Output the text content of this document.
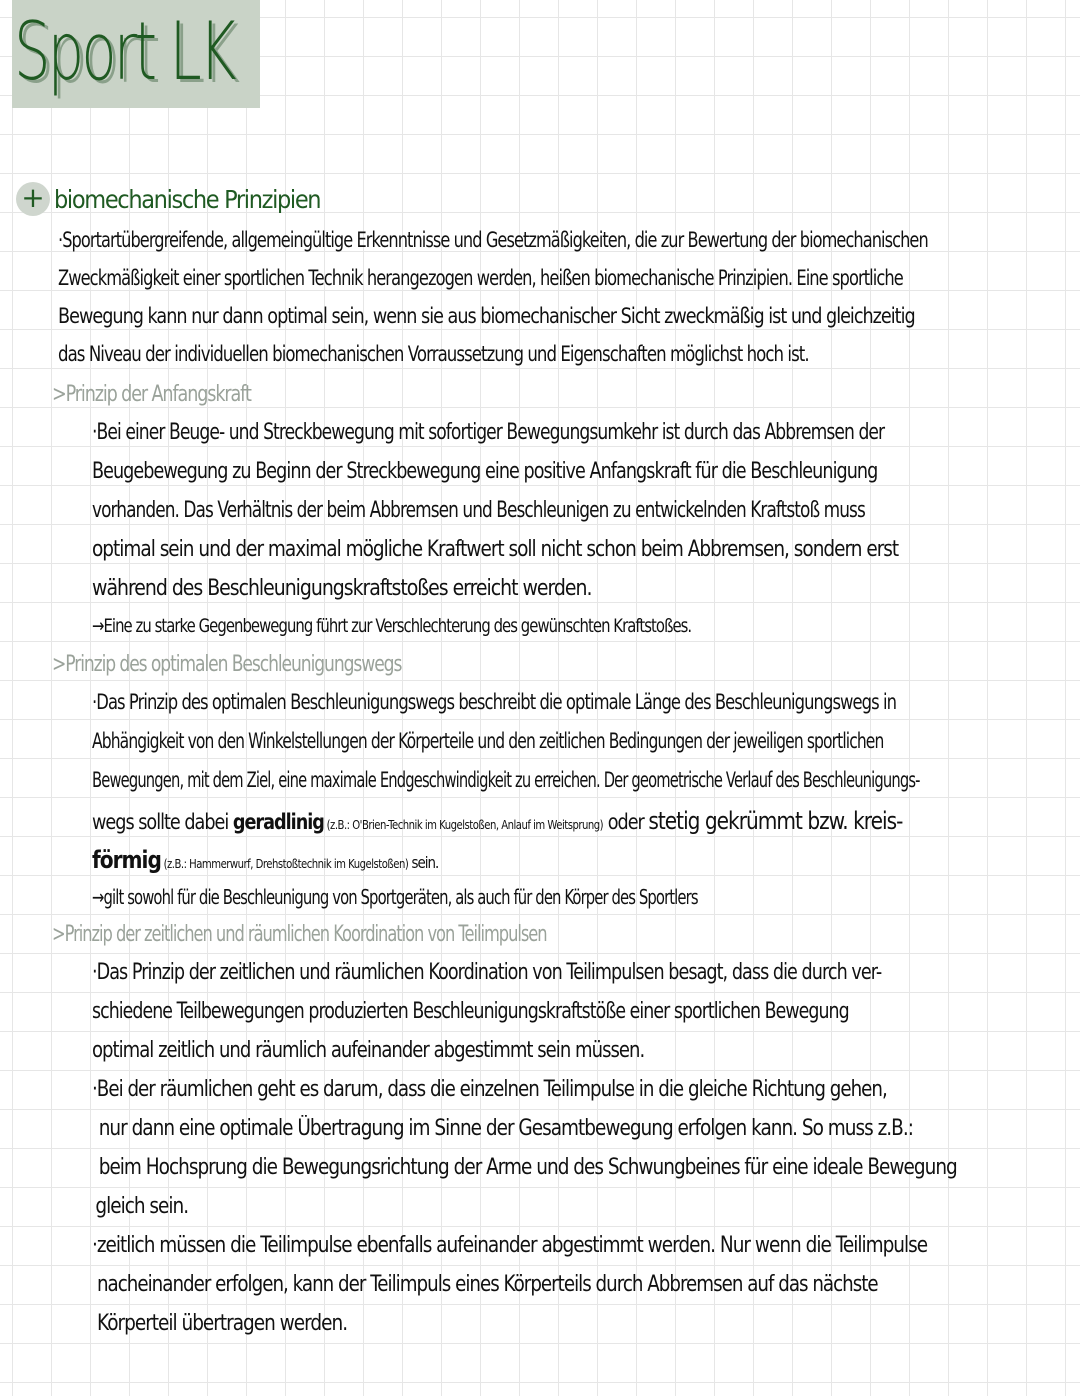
Sport LK
+ biomechanische Prinzipien
·Sportartübergreifende, allgemeingültige Erkenntnisse und Gesetzmäßigkeiten, die zur Bewertung der biomechanischen
Zweckmäßigkeit einer sportlichen Technik herangezogen werden, heißen biomechanische Prinzipien. Eine sportliche
Bewegung kann nur dann optimal sein, wenn sie aus biomechanischer Sicht zweckmäßig ist und gleichzeitig
das Niveau der individuellen biomechanischen Vorraussetzung und Eigenschaften möglichst hoch ist.
>Prinzip der Anfangskraft
·Bei einer Beuge- und Streckbewegung mit sofortiger Bewegungsumkehr ist durch das Abbremsen der
Beugebewegung zu Beginn der Streckbewegung eine positive Anfangskraft für die Beschleunigung
vorhanden. Das Verhältnis der beim Abbremsen und Beschleunigen zu entwickelnden Kraftstoß muss
optimal sein und der maximal mögliche Kraftwert soll nicht schon beim Abbremsen, sondern erst
während des Beschleunigungskraftstoßes erreicht werden.
→Eine zu starke Gegenbewegung führt zur Verschlechterung des gewünschten Kraftstoßes.
>Prinzip des optimalen Beschleunigungswegs
·Das Prinzip des optimalen Beschleunigungswegs beschreibt die optimale Länge des Beschleunigungswegs in
Abhängigkeit von den Winkelstellungen der Körperteile und den zeitlichen Bedingungen der jeweiligen sportlichen
Bewegungen, mit dem Ziel, eine maximale Endgeschwindigkeit zu erreichen. Der geometrische Verlauf des Beschleunigungs-
wegs sollte dabei geradlinig (z.B.: O'Brien-Technik im Kugelstoßen, Anlauf im Weitsprung) oder stetig gekrümmt bzw. kreis-
förmig (z.B.: Hammerwurf, Drehstoßtechnik im Kugelstoßen) sein.
→gilt sowohl für die Beschleunigung von Sportgeräten, als auch für den Körper des Sportlers
>Prinzip der zeitlichen und räumlichen Koordination von Teilimpulsen
·Das Prinzip der zeitlichen und räumlichen Koordination von Teilimpulsen besagt, dass die durch ver-
schiedene Teilbewegungen produzierten Beschleunigungskraftstöße einer sportlichen Bewegung
optimal zeitlich und räumlich aufeinander abgestimmt sein müssen.
·Bei der räumlichen geht es darum, dass die einzelnen Teilimpulse in die gleiche Richtung gehen,
nur dann eine optimale Übertragung im Sinne der Gesamtbewegung erfolgen kann. So muss z.B.:
beim Hochsprung die Bewegungsrichtung der Arme und des Schwungbeines für eine ideale Bewegung
gleich sein.
·zeitlich müssen die Teilimpulse ebenfalls aufeinander abgestimmt werden. Nur wenn die Teilimpulse
nacheinander erfolgen, kann der Teilimpuls eines Körperteils durch Abbremsen auf das nächste
Körperteil übertragen werden.
